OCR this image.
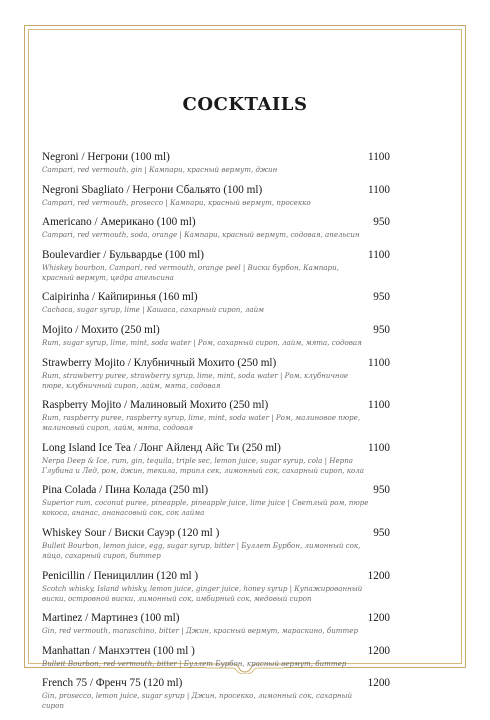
COCKTAILS
Negroni / Негрони (100 ml)	1100
Campari, red vermouth, gin | Кампари, красный вермут, джин
Negroni Sbagliato / Негрони Сбальято (100 ml)	1100
Campari, red vermouth, prosecco | Кампари, красный вермут, просекко
Americano / Американо (100 ml)	950
Campari, red vermouth, soda, orange | Кампари, красный вермут, содовая, апельсин
Boulevardier / Бульвардье (100 ml)	1100
Whiskey bourbon, Campari, red vermouth, orange peel | Виски бурбон, Кампари, красный вермут, цедра апельсина
Caipirinha / Кайпиринья (160 ml)	950
Cachaca, sugar syrup, lime | Кашаса, сахарный сироп, лайм
Mojito / Мохито (250 ml)	950
Rum, sugar syrup, lime, mint, soda water | Ром, сахарный сироп, лайм, мята, содовая
Strawberry Mojito / Клубничный Мохито (250 ml)	1100
Rum, strawberry puree, strawberry syrup, lime, mint, soda water | Ром, клубничное пюре, клубничный сироп, лайм, мята, содовая
Raspberry Mojito / Малиновый Мохито (250 ml)	1100
Rum, raspberry puree, raspberry syrup, lime, mint, soda water | Ром, малиновое пюре, малиновый сироп, лайм, мята, содовая
Long Island Ice Tea / Лонг Айленд Айс Ти (250 ml)	1100
Nerpa Deep & Ice, rum, gin, tequila, triple sec, lemon juice, sugar syrup, cola | Нерпа Глубина и Лед, ром, джин, текила, трипл сек, лимонный сок, сахарный сироп, кола
Pina Colada / Пина Колада (250 ml)	950
Superior rum, coconut puree, pineapple, pineapple juice, lime juice | Светлый ром, пюре кокоса, ананас, ананасовый сок, сок лайма
Whiskey Sour / Виски Сауэр (120 ml )	950
Bulleit Bourbon, lemon juice, egg, sugar syrup, bitter | Буллет Бурбон, лимонный сок, яйцо, сахарный сироп, биттер
Penicillin / Пенициллин (120 ml )	1200
Scotch whisky, Island whisky, lemon juice, ginger juice, honey syrup | Купажированный виски, островной виски, лимонный сок, имбирный сок, медовый сироп
Martinez / Мартинез (100 ml)	1200
Gin, red vermouth, maraschino, bitter | Джин, красный вермут, мараскино, биттер
Manhattan / Манхэттен (100 ml )	1200
Bulleit Bourbon, red vermouth, bitter | Буллет Бурбон, красный вермут, биттер
French 75 / Френч 75 (120 ml)	1200
Gin, prosecco, lemon juice, sugar syrup | Джин, просекко, лимонный сок, сахарный сироп
